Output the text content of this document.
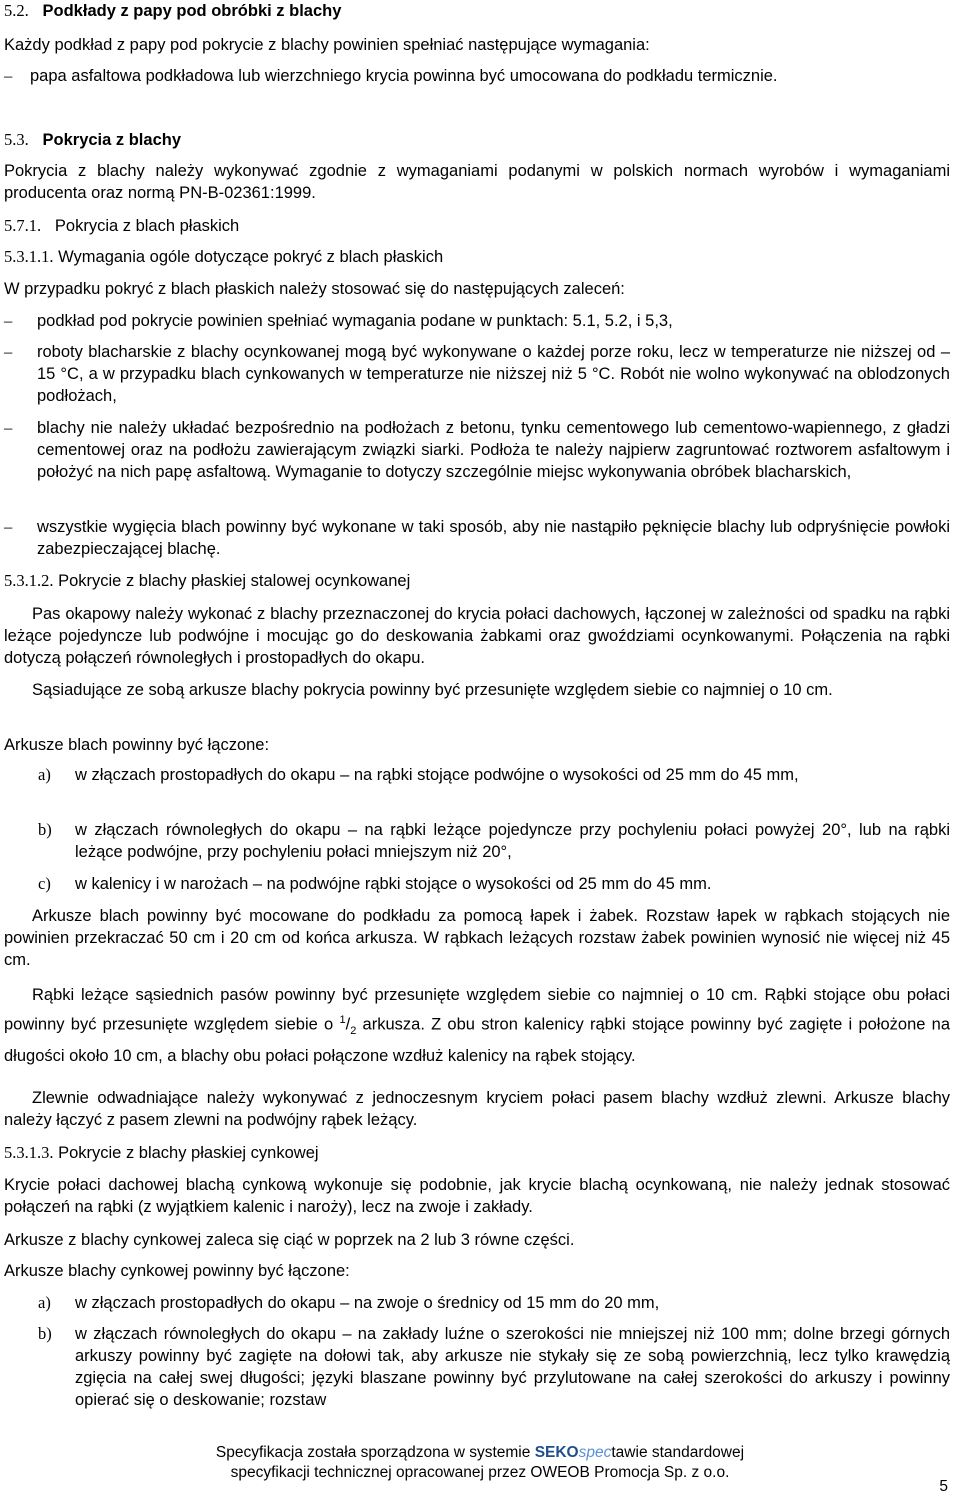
5.2. Podkłady z papy pod obróbki z blachy
Każdy podkład z papy pod pokrycie z blachy powinien spełniać następujące wymagania:
– papa asfaltowa podkładowa lub wierzchniego krycia powinna być umocowana do podkładu termicznie.
5.3. Pokrycia z blachy
Pokrycia z blachy należy wykonywać zgodnie z wymaganiami podanymi w polskich normach wyrobów i wymaganiami producenta oraz normą PN-B-02361:1999.
5.7.1. Pokrycia z blach płaskich
5.3.1.1. Wymagania ogóle dotyczące pokryć z blach płaskich
W przypadku pokryć z blach płaskich należy stosować się do następujących zaleceń:
– podkład pod pokrycie powinien spełniać wymagania podane w punktach: 5.1, 5.2, i 5,3,
– roboty blacharskie z blachy ocynkowanej mogą być wykonywane o każdej porze roku, lecz w temperaturze nie niższej od –15 °C, a w przypadku blach cynkowanych w temperaturze nie niższej niż 5 °C. Robót nie wolno wykonywać na oblodzonych podłożach,
– blachy nie należy układać bezpośrednio na podłożach z betonu, tynku cementowego lub cementowo-wapiennego, z gładzi cementowej oraz na podłożu zawierającym związki siarki. Podłoża te należy najpierw zagruntować roztworem asfaltowym i położyć na nich papę asfaltową. Wymaganie to dotyczy szczególnie miejsc wykonywania obróbek blacharskich,
– wszystkie wygięcia blach powinny być wykonane w taki sposób, aby nie nastąpiło pęknięcie blachy lub odpryśnięcie powłoki zabezpieczającej blachę.
5.3.1.2. Pokrycie z blachy płaskiej stalowej ocynkowanej
Pas okapowy należy wykonać z blachy przeznaczonej do krycia połaci dachowych, łączonej w zależności od spadku na rąbki leżące pojedyncze lub podwójne i mocując go do deskowania żabkami oraz gwoździami ocynkowanymi. Połączenia na rąbki dotyczą połączeń równoległych i prostopadłych do okapu.
Sąsiadujące ze sobą arkusze blachy pokrycia powinny być przesunięte względem siebie co najmniej o 10 cm.
Arkusze blach powinny być łączone:
a) w złączach prostopadłych do okapu – na rąbki stojące podwójne o wysokości od 25 mm do 45 mm,
b) w złączach równoległych do okapu – na rąbki leżące pojedyncze przy pochyleniu połaci powyżej 20°, lub na rąbki leżące podwójne, przy pochyleniu połaci mniejszym niż 20°,
c) w kalenicy i w narożach – na podwójne rąbki stojące o wysokości od 25 mm do 45 mm.
Arkusze blach powinny być mocowane do podkładu za pomocą łapek i żabek. Rozstaw łapek w rąbkach stojących nie powinien przekraczać 50 cm i 20 cm od końca arkusza. W rąbkach leżących rozstaw żabek powinien wynosić nie więcej niż 45 cm.
Rąbki leżące sąsiednich pasów powinny być przesunięte względem siebie co najmniej o 10 cm. Rąbki stojące obu połaci powinny być przesunięte względem siebie o $^1/_2$ arkusza. Z obu stron kalenicy rąbki stojące powinny być zagięte i położone na długości około 10 cm, a blachy obu połaci połączone wzdłuż kalenicy na rąbek stojący.
Zlewnie odwadniające należy wykonywać z jednoczesnym kryciem połaci pasem blachy wzdłuż zlewni. Arkusze blachy należy łączyć z pasem zlewni na podwójny rąbek leżący.
5.3.1.3. Pokrycie z blachy płaskiej cynkowej
Krycie połaci dachowej blachą cynkową wykonuje się podobnie, jak krycie blachą ocynkowaną, nie należy jednak stosować połączeń na rąbki (z wyjątkiem kalenic i naroży), lecz na zwoje i zakłady.
Arkusze z blachy cynkowej zaleca się ciąć w poprzek na 2 lub 3 równe części.
Arkusze blachy cynkowej powinny być łączone:
a) w złączach prostopadłych do okapu – na zwoje o średnicy od 15 mm do 20 mm,
b) w złączach równoległych do okapu – na zakłady luźne o szerokości nie mniejszej niż 100 mm; dolne brzegi górnych arkuszy powinny być zagięte na dołowi tak, aby arkusze nie stykały się ze sobą powierzchnią, lecz tylko krawędzią zgięcia na całej swej długości; języki blaszane powinny być przylutowane na całej szerokości do arkuszy i powinny opierać się o deskowanie; rozstaw
Specyfikacja została sporządzona w systemie SEKOspectawie standardowej
specyfikacji technicznej opracowanej przez OWEOB Promocja Sp. z o.o.
5
